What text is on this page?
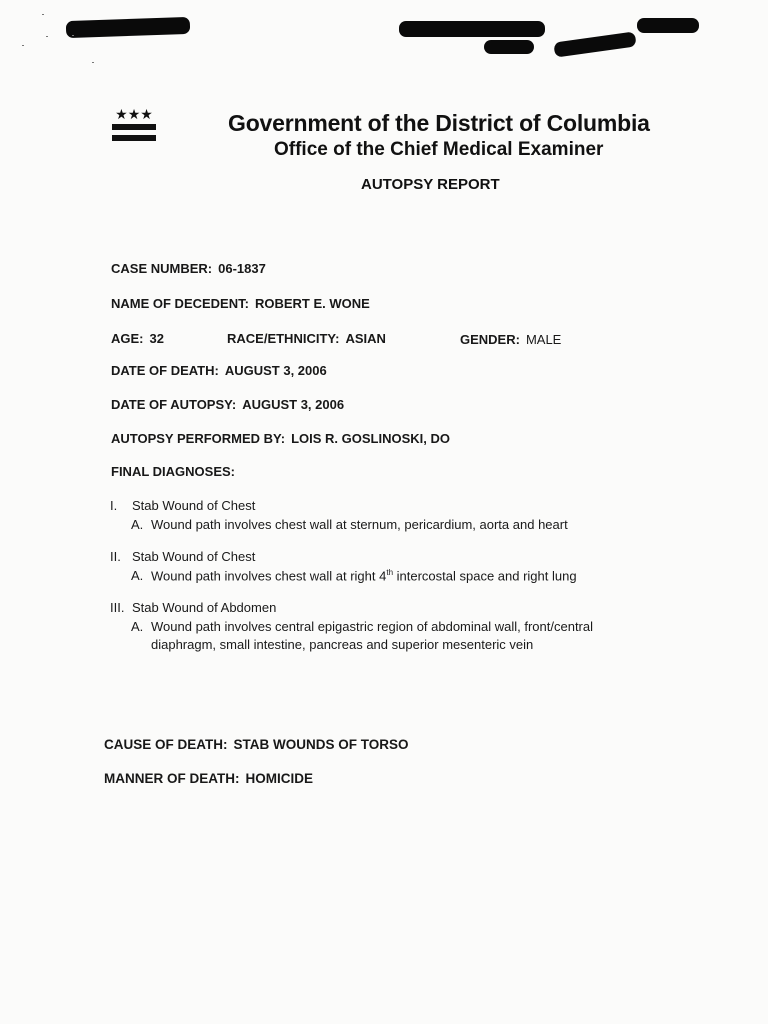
★★★	Government of the District of Columbia
Office of the Chief Medical Examiner
AUTOPSY REPORT
CASE NUMBER: 06-1837
NAME OF DECEDENT: ROBERT E. WONE
AGE: 32	RACE/ETHNICITY: ASIAN	GENDER: MALE
DATE OF DEATH: AUGUST 3, 2006
DATE OF AUTOPSY: AUGUST 3, 2006
AUTOPSY PERFORMED BY: LOIS R. GOSLINOSKI, DO
FINAL DIAGNOSES:
I. Stab Wound of Chest
A. Wound path involves chest wall at sternum, pericardium, aorta and heart
II. Stab Wound of Chest
A. Wound path involves chest wall at right 4th intercostal space and right lung
III. Stab Wound of Abdomen
A. Wound path involves central epigastric region of abdominal wall, front/central
diaphragm, small intestine, pancreas and superior mesenteric vein
CAUSE OF DEATH: STAB WOUNDS OF TORSO
MANNER OF DEATH: HOMICIDE
